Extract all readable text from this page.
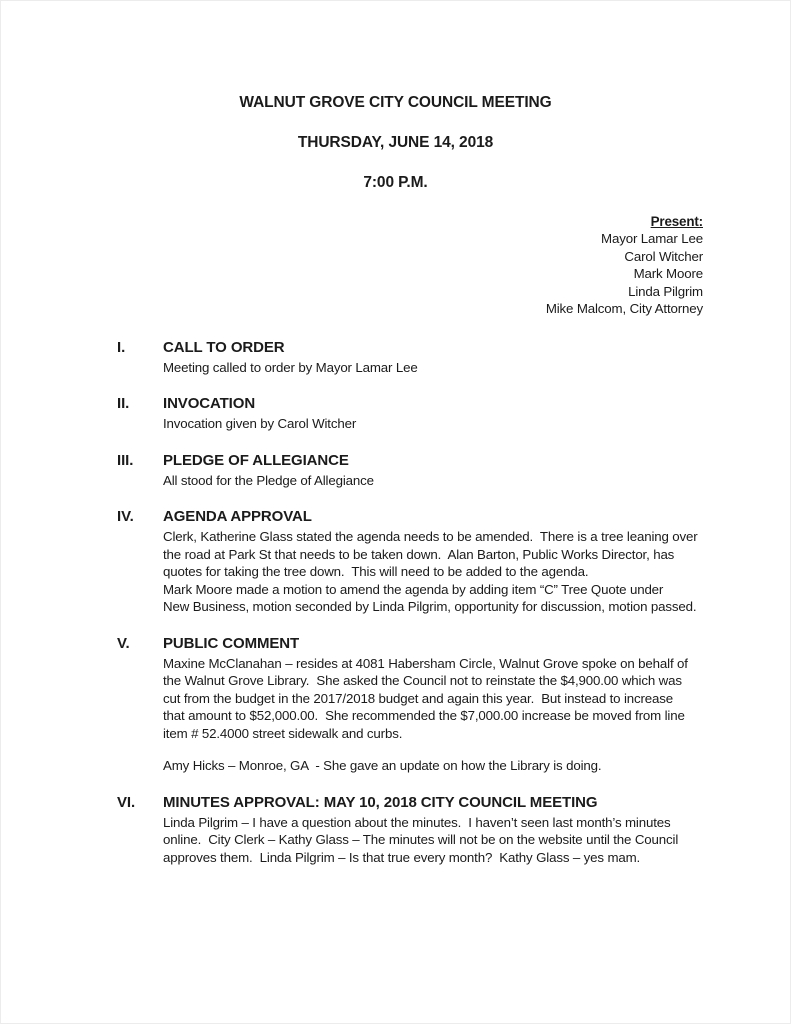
WALNUT GROVE CITY COUNCIL MEETING
THURSDAY, JUNE 14, 2018
7:00 P.M.
Present:
Mayor Lamar Lee
Carol Witcher
Mark Moore
Linda Pilgrim
Mike Malcom, City Attorney
I.	CALL TO ORDER
Meeting called to order by Mayor Lamar Lee
II.	INVOCATION
Invocation given by Carol Witcher
III.	PLEDGE OF ALLEGIANCE
All stood for the Pledge of Allegiance
IV.	AGENDA APPROVAL
Clerk, Katherine Glass stated the agenda needs to be amended.  There is a tree leaning over
the road at Park St that needs to be taken down.  Alan Barton, Public Works Director, has
quotes for taking the tree down.  This will need to be added to the agenda.
Mark Moore made a motion to amend the agenda by adding item “C” Tree Quote under
New Business, motion seconded by Linda Pilgrim, opportunity for discussion, motion passed.
V.	PUBLIC COMMENT
Maxine McClanahan – resides at 4081 Habersham Circle, Walnut Grove spoke on behalf of
the Walnut Grove Library.  She asked the Council not to reinstate the $4,900.00 which was
cut from the budget in the 2017/2018 budget and again this year.  But instead to increase
that amount to $52,000.00.  She recommended the $7,000.00 increase be moved from line
item # 52.4000 street sidewalk and curbs.
Amy Hicks – Monroe, GA  - She gave an update on how the Library is doing.
VI.	MINUTES APPROVAL: MAY 10, 2018 CITY COUNCIL MEETING
Linda Pilgrim – I have a question about the minutes.  I haven’t seen last month’s minutes
online.  City Clerk – Kathy Glass – The minutes will not be on the website until the Council
approves them.  Linda Pilgrim – Is that true every month?  Kathy Glass – yes mam.
